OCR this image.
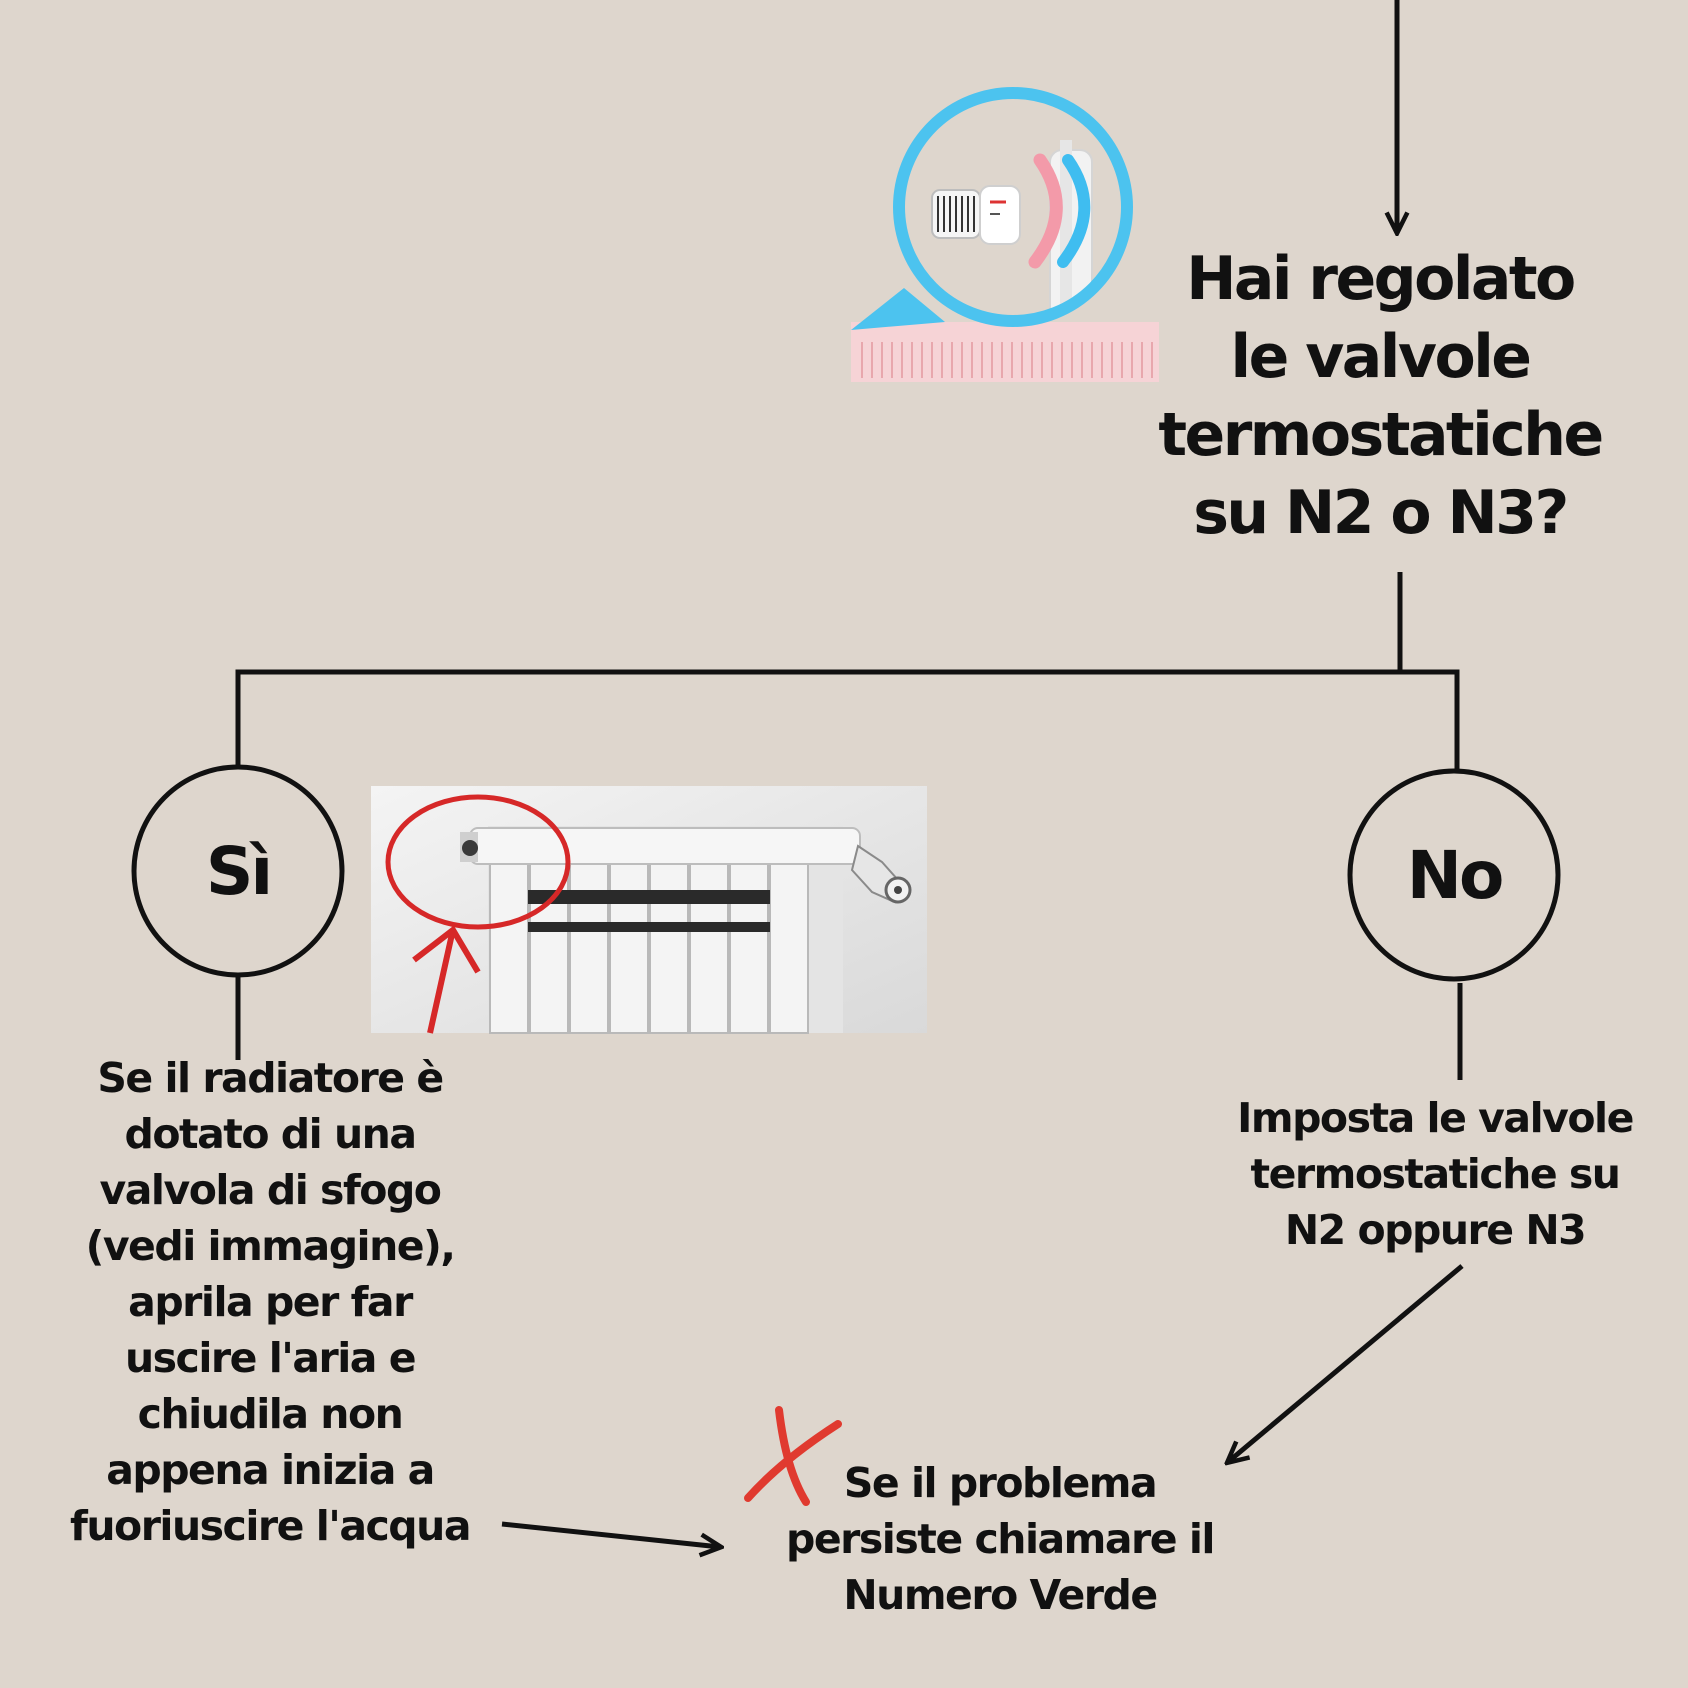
Hai regolato
le valvole
termostatiche
su N2 o N3?

Sì	No

Se il radiatore è
dotato di una
valvola di sfogo
(vedi immagine),
aprila per far
uscire l'aria e
chiudila non
appena inizia a
fuoriuscire l'acqua

Imposta le valvole
termostatiche su
N2 oppure N3

Se il problema
persiste chiamare il
Numero Verde
